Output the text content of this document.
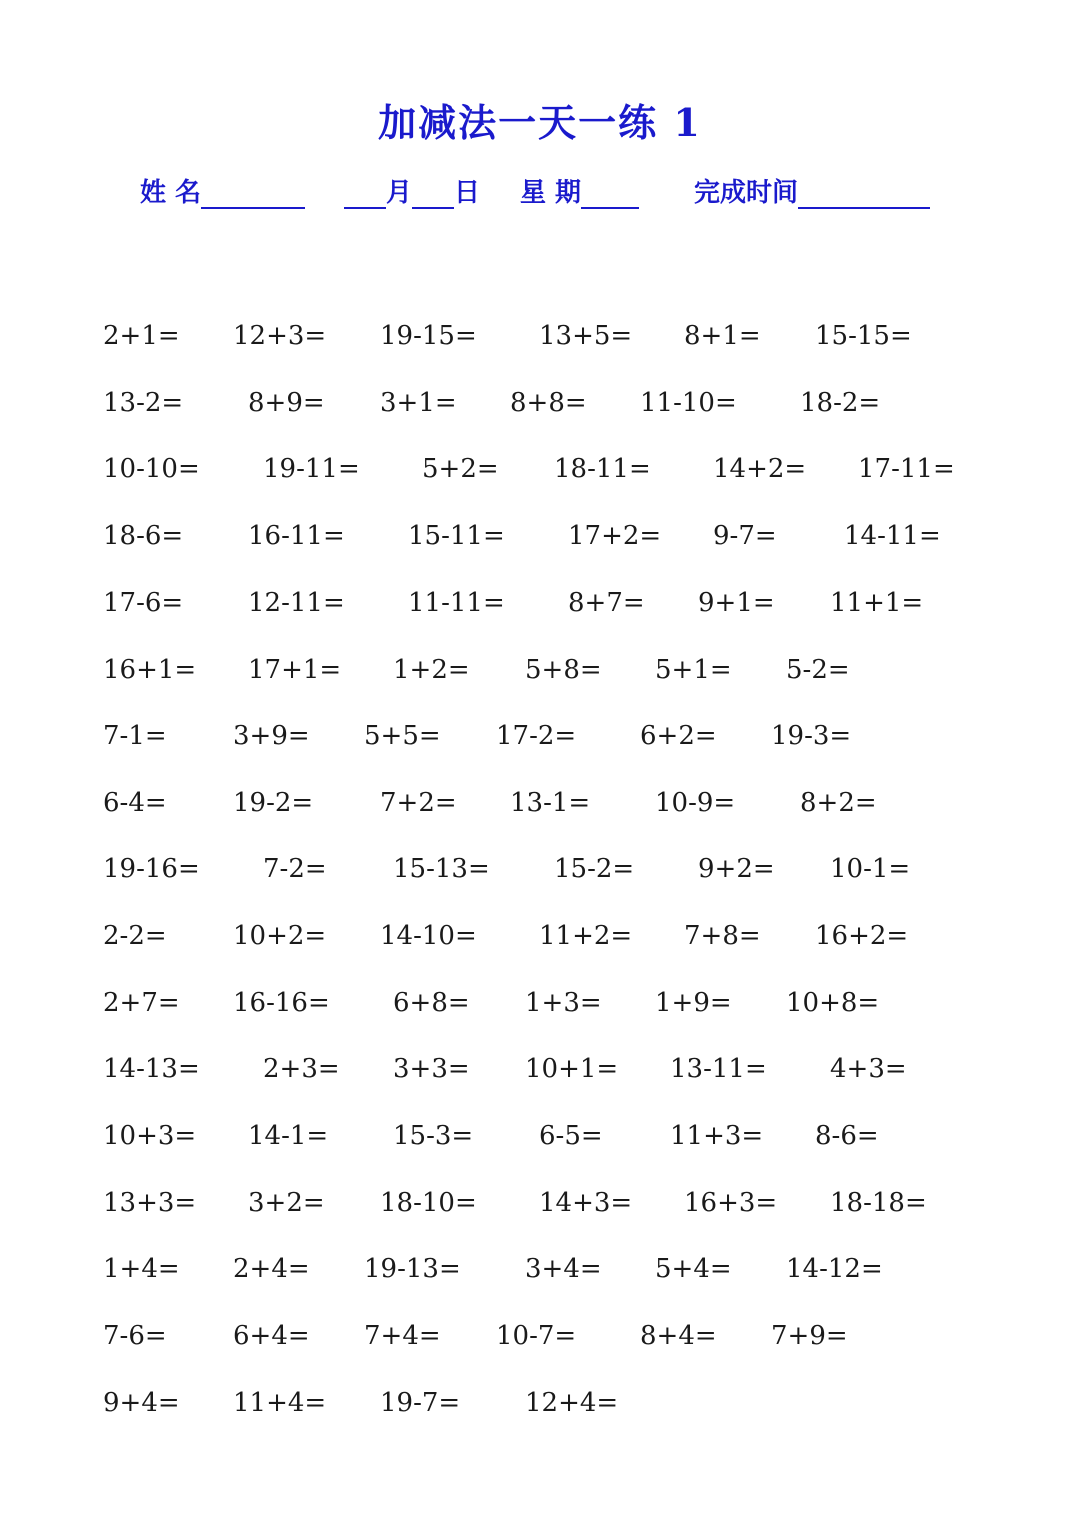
加减法一天一练 1
姓 名	月 日 星 期	完成时间
2+1= 12+3= 19-15= 13+5= 8+1= 15-15=
13-2= 8+9= 3+1= 8+8= 11-10= 18-2=
10-10= 19-11= 5+2= 18-11= 14+2= 17-11=
18-6= 16-11= 15-11= 17+2= 9-7=	14-11=
17-6= 12-11= 11-11= 8+7= 9+1= 11+1=
16+1= 17+1= 1+2= 5+8= 5+1= 5-2=
7-1=	3+9= 5+5= 17-2= 6+2= 19-3=
6-4=	19-2=	7+2= 13-1= 10-9= 8+2=
19-16= 7-2=	15-13= 15-2= 9+2= 10-1=
2-2=	10+2= 14-10= 11+2= 7+8= 16+2=
2+7= 16-16= 6+8= 1+3= 1+9= 10+8=
14-13= 2+3= 3+3= 10+1= 13-11= 4+3=
10+3= 14-1= 15-3=	6-5=	11+3= 8-6=
13+3= 3+2= 18-10= 14+3= 16+3= 18-18=
1+4= 2+4= 19-13= 3+4= 5+4= 14-12=
7-6=	6+4= 7+4= 10-7= 8+4= 7+9=
9+4= 11+4= 19-7= 12+4=
